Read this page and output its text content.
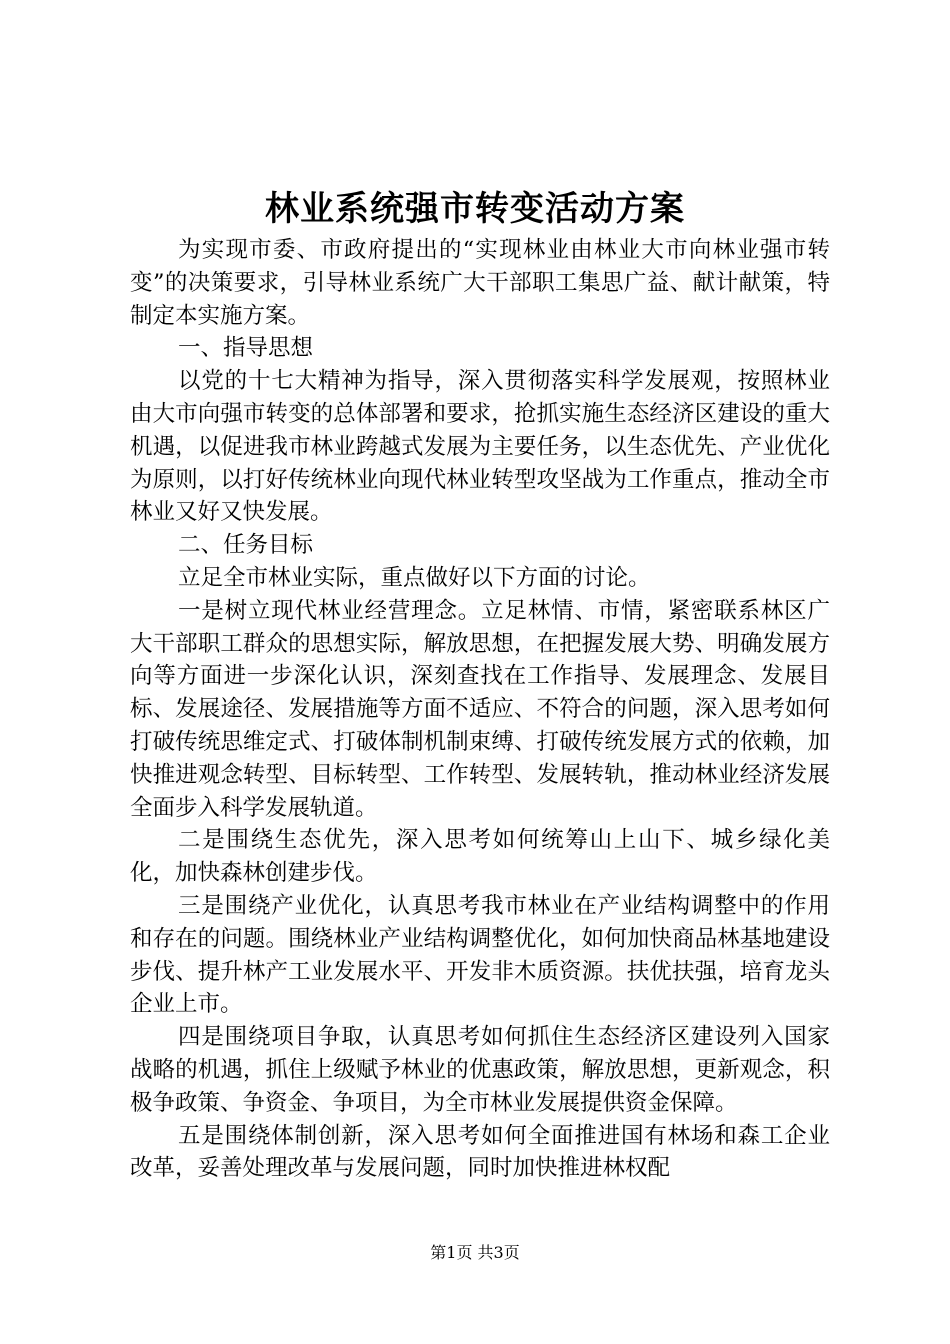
林业系统强市转变活动方案

为实现市委、市政府提出的“实现林业由林业大市向林业强市转变”的决策要求，引导林业系统广大干部职工集思广益、献计献策，特制定本实施方案。

一、指导思想

以党的十七大精神为指导，深入贯彻落实科学发展观，按照林业由大市向强市转变的总体部署和要求，抢抓实施生态经济区建设的重大机遇，以促进我市林业跨越式发展为主要任务，以生态优先、产业优化为原则，以打好传统林业向现代林业转型攻坚战为工作重点，推动全市林业又好又快发展。

二、任务目标

立足全市林业实际，重点做好以下方面的讨论。

一是树立现代林业经营理念。立足林情、市情，紧密联系林区广大干部职工群众的思想实际，解放思想，在把握发展大势、明确发展方向等方面进一步深化认识，深刻查找在工作指导、发展理念、发展目标、发展途径、发展措施等方面不适应、不符合的问题，深入思考如何打破传统思维定式、打破体制机制束缚、打破传统发展方式的依赖，加快推进观念转型、目标转型、工作转型、发展转轨，推动林业经济发展全面步入科学发展轨道。

二是围绕生态优先，深入思考如何统筹山上山下、城乡绿化美化，加快森林创建步伐。

三是围绕产业优化，认真思考我市林业在产业结构调整中的作用和存在的问题。围绕林业产业结构调整优化，如何加快商品林基地建设步伐、提升林产工业发展水平、开发非木质资源。扶优扶强，培育龙头企业上市。

四是围绕项目争取，认真思考如何抓住生态经济区建设列入国家战略的机遇，抓住上级赋予林业的优惠政策，解放思想，更新观念，积极争政策、争资金、争项目，为全市林业发展提供资金保障。

五是围绕体制创新，深入思考如何全面推进国有林场和森工企业改革，妥善处理改革与发展问题，同时加快推进林权配

第1页 共3页
